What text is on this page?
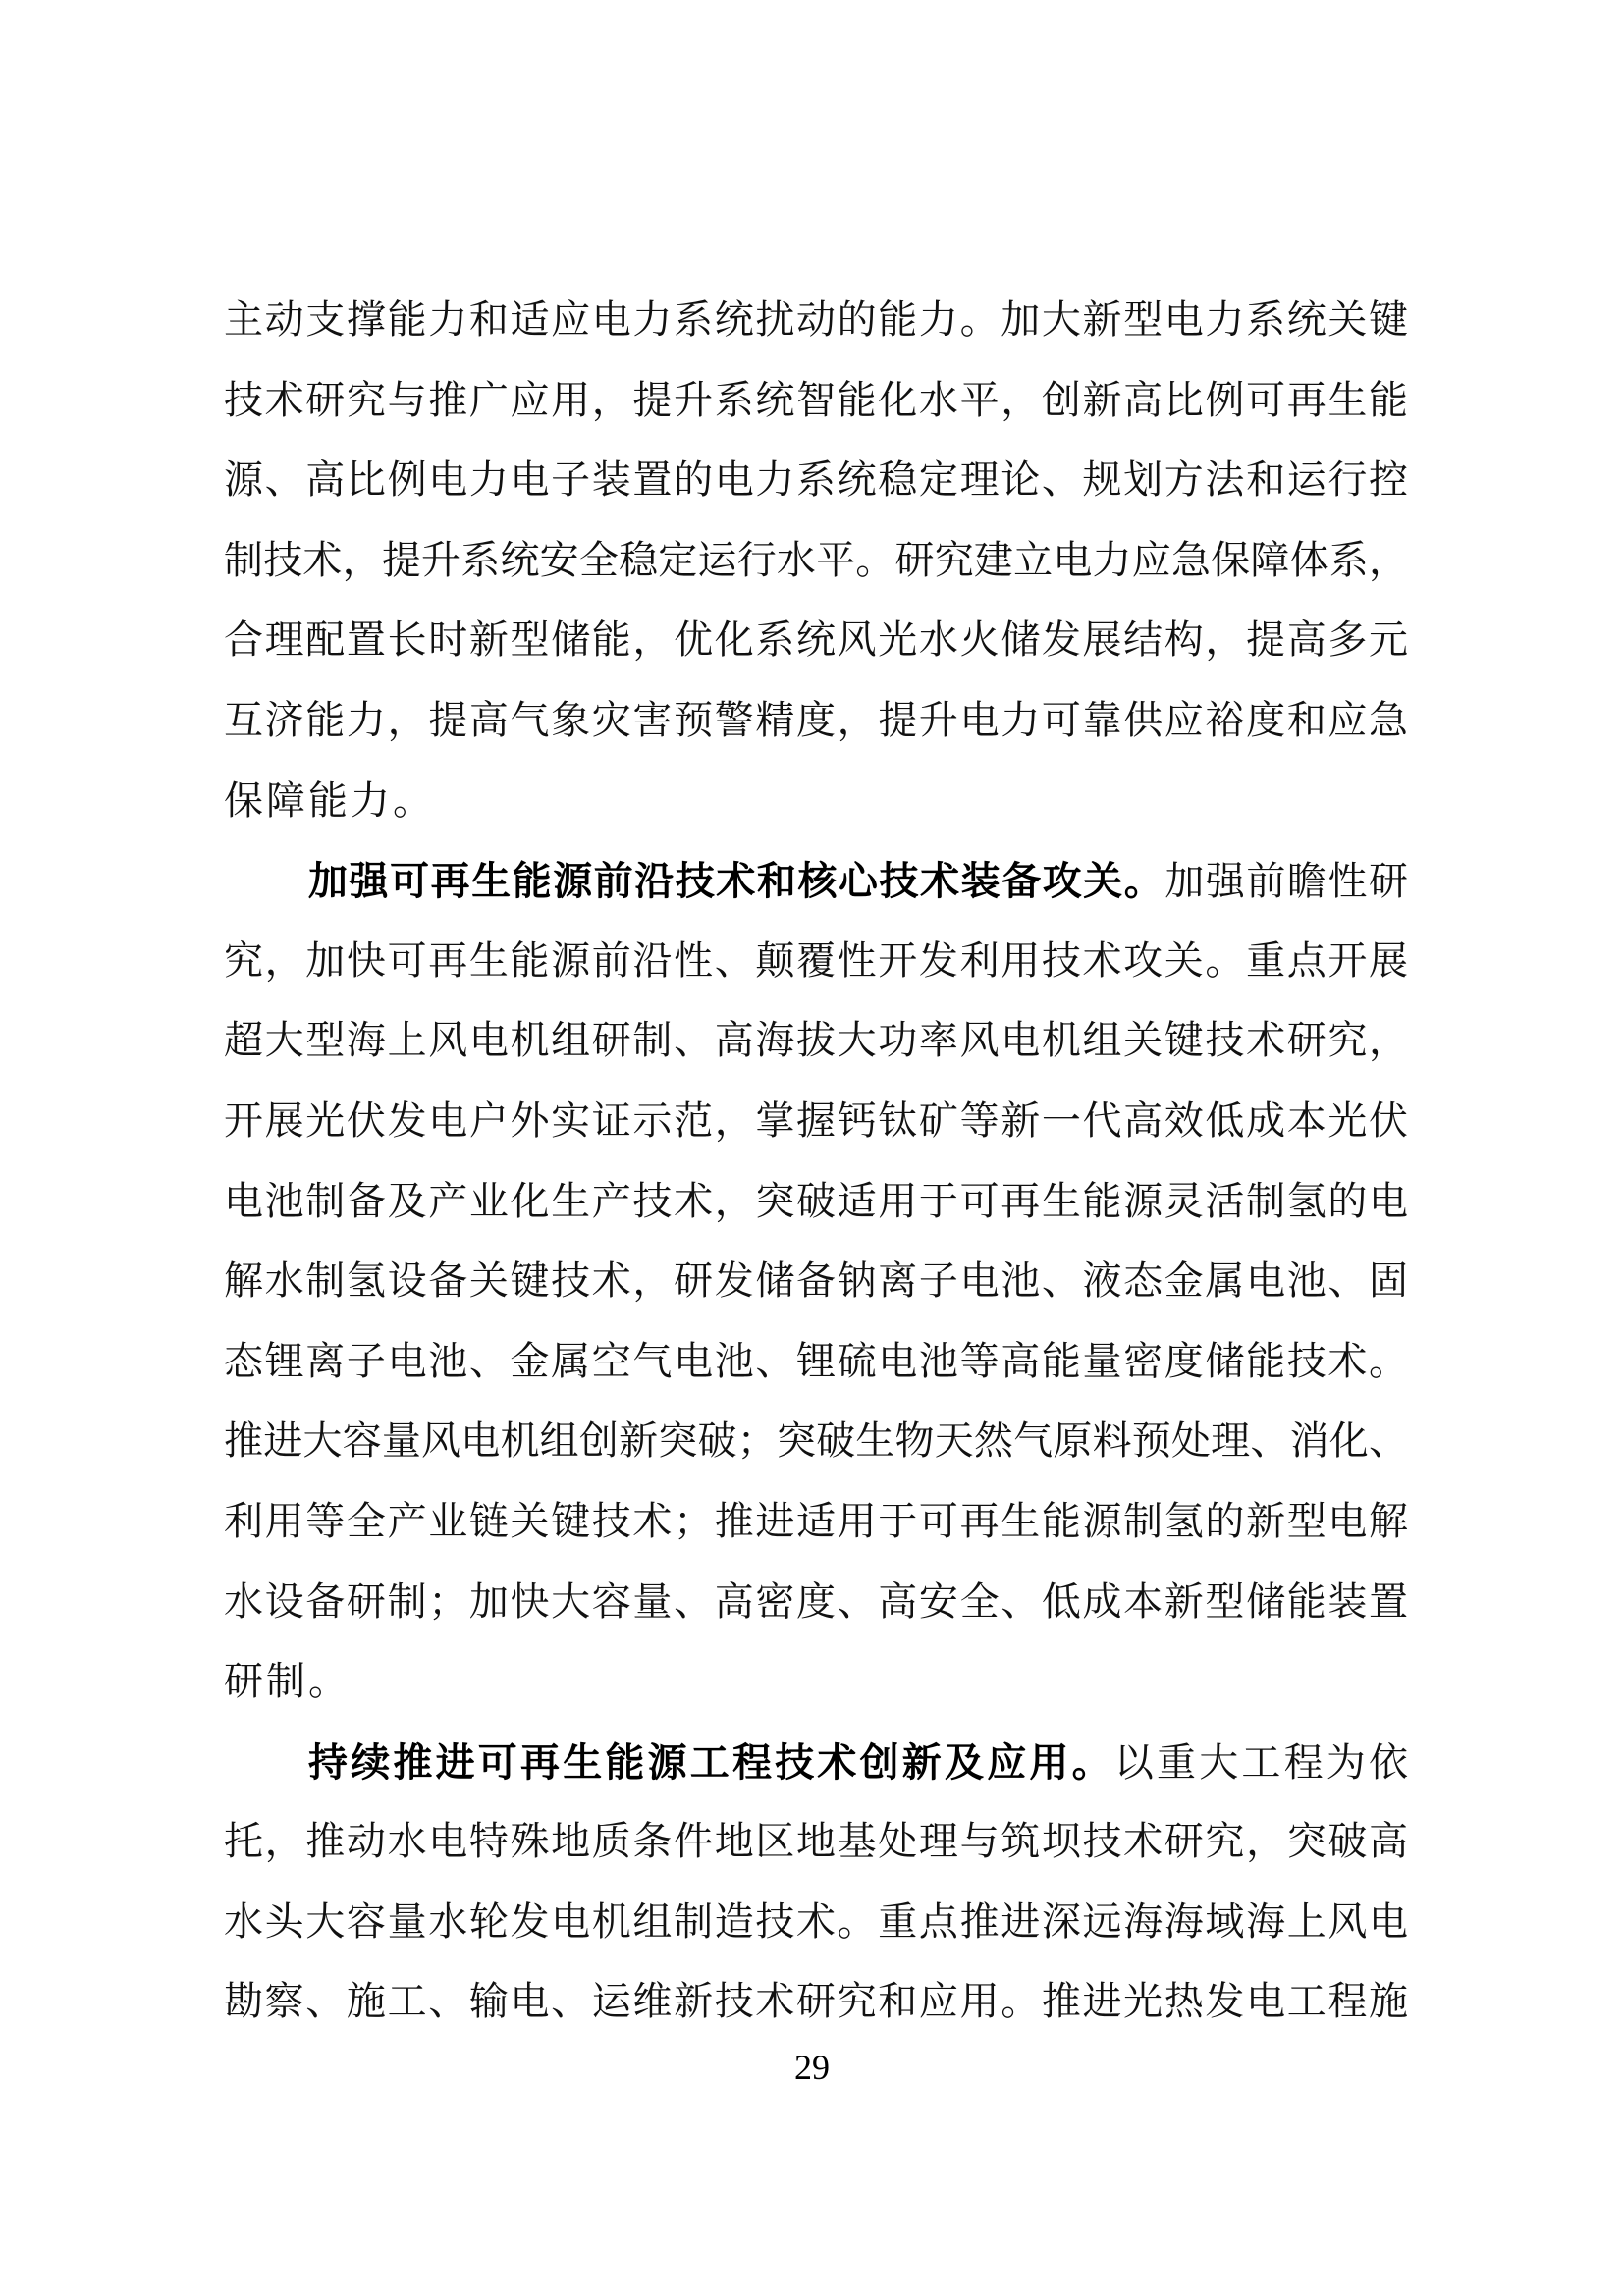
主动支撑能力和适应电力系统扰动的能力。加大新型电力系统关键
技术研究与推广应用，提升系统智能化水平，创新高比例可再生能
源、高比例电力电子装置的电力系统稳定理论、规划方法和运行控
制技术，提升系统安全稳定运行水平。研究建立电力应急保障体系，
合理配置长时新型储能，优化系统风光水火储发展结构，提高多元
互济能力，提高气象灾害预警精度，提升电力可靠供应裕度和应急
保障能力。
加强可再生能源前沿技术和核心技术装备攻关。加强前瞻性研
究，加快可再生能源前沿性、颠覆性开发利用技术攻关。重点开展
超大型海上风电机组研制、高海拔大功率风电机组关键技术研究，
开展光伏发电户外实证示范，掌握钙钛矿等新一代高效低成本光伏
电池制备及产业化生产技术，突破适用于可再生能源灵活制氢的电
解水制氢设备关键技术，研发储备钠离子电池、液态金属电池、固
态锂离子电池、金属空气电池、锂硫电池等高能量密度储能技术。
推进大容量风电机组创新突破；突破生物天然气原料预处理、消化、
利用等全产业链关键技术；推进适用于可再生能源制氢的新型电解
水设备研制；加快大容量、高密度、高安全、低成本新型储能装置
研制。
持续推进可再生能源工程技术创新及应用。以重大工程为依
托，推动水电特殊地质条件地区地基处理与筑坝技术研究，突破高
水头大容量水轮发电机组制造技术。重点推进深远海海域海上风电
勘察、施工、输电、运维新技术研究和应用。推进光热发电工程施
29
